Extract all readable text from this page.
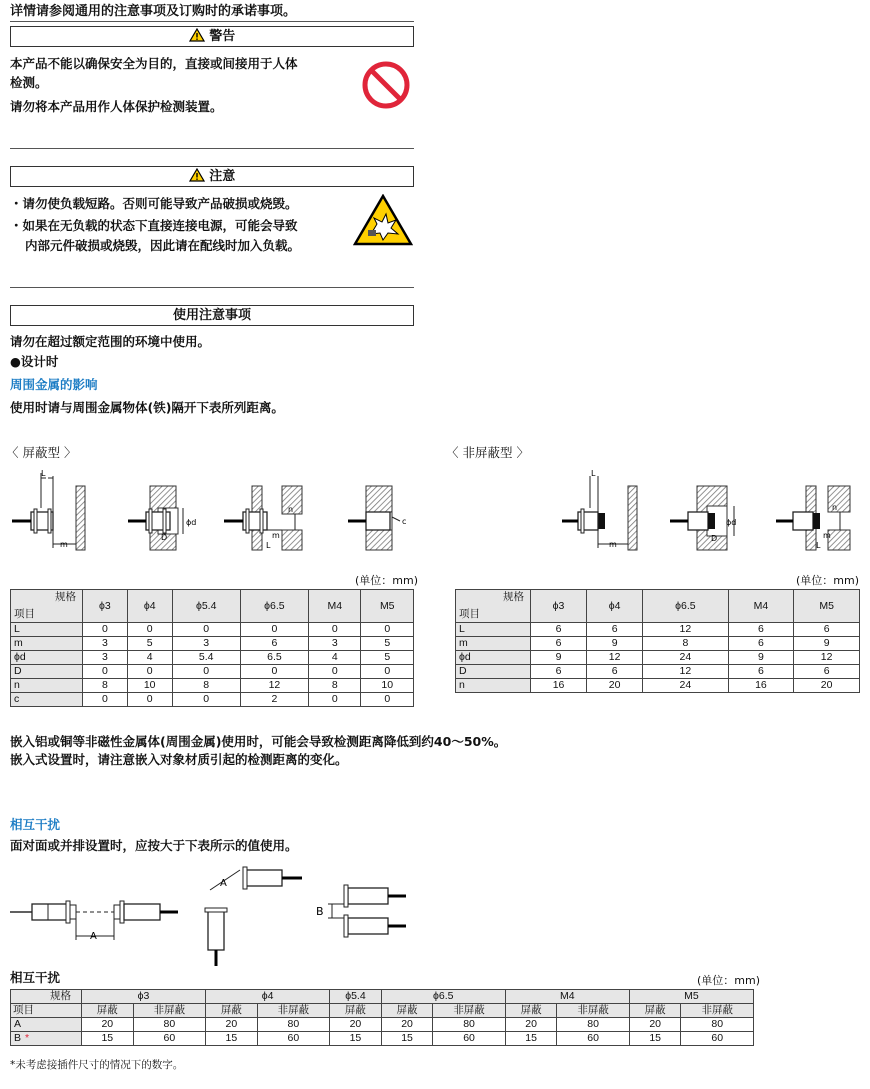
详情请参阅通用的注意事项及订购时的承诺事项。
警告
本产品不能以确保安全为目的，直接或间接用于人体
检测。
请勿将本产品用作人体保护检测装置。
注意
・请勿使负载短路。否则可能导致产品破损或烧毁。
・如果在无负载的状态下直接连接电源，可能会导致
内部元件破损或烧毁，因此请在配线时加入负载。
使用注意事项
请勿在超过额定范围的环境中使用。
●设计时
周围金属的影响
使用时请与周围金属物体(铁)隔开下表所列距离。
〈 屏蔽型 〉	〈 非屏蔽型 〉
L
m
ϕd
D
n
m
L
c
L
m
ϕd
D
n
m
L
(单位：mm)	(单位：mm)
规格
项目	ϕ3	ϕ4	ϕ5.4	ϕ6.5	M4	M5
L	0	0	0	0	0	0
m	3	5	3	6	3	5
ϕd	3	4	5.4	6.5	4	5
D	0	0	0	0	0	0
n	8	10	8	12	8	10
c	0	0	0	2	0	0
规格
项目	ϕ3	ϕ4	ϕ6.5	M4	M5
L	6	6	12	6	6
m	6	9	8	6	9
ϕd	9	12	24	9	12
D	6	6	12	6	6
n	16	20	24	16	20
嵌入铝或铜等非磁性金属体(周围金属)使用时，可能会导致检测距离降低到约40～50%。
嵌入式设置时，请注意嵌入对象材质引起的检测距离的变化。
相互干扰
面对面或并排设置时，应按大于下表所示的值使用。
A
A
B
相互干扰	(单位：mm)
规格	ϕ3		ϕ4		ϕ5.4	ϕ6.5		M4		M5	
项目	屏蔽	非屏蔽	屏蔽	非屏蔽	屏蔽	屏蔽	非屏蔽	屏蔽	非屏蔽	屏蔽	非屏蔽
A	20	80	20	80	20	20	80	20	80	20	80
B *	15	60	15	60	15	15	60	15	60	15	60
*未考虑接插件尺寸的情况下的数字。
